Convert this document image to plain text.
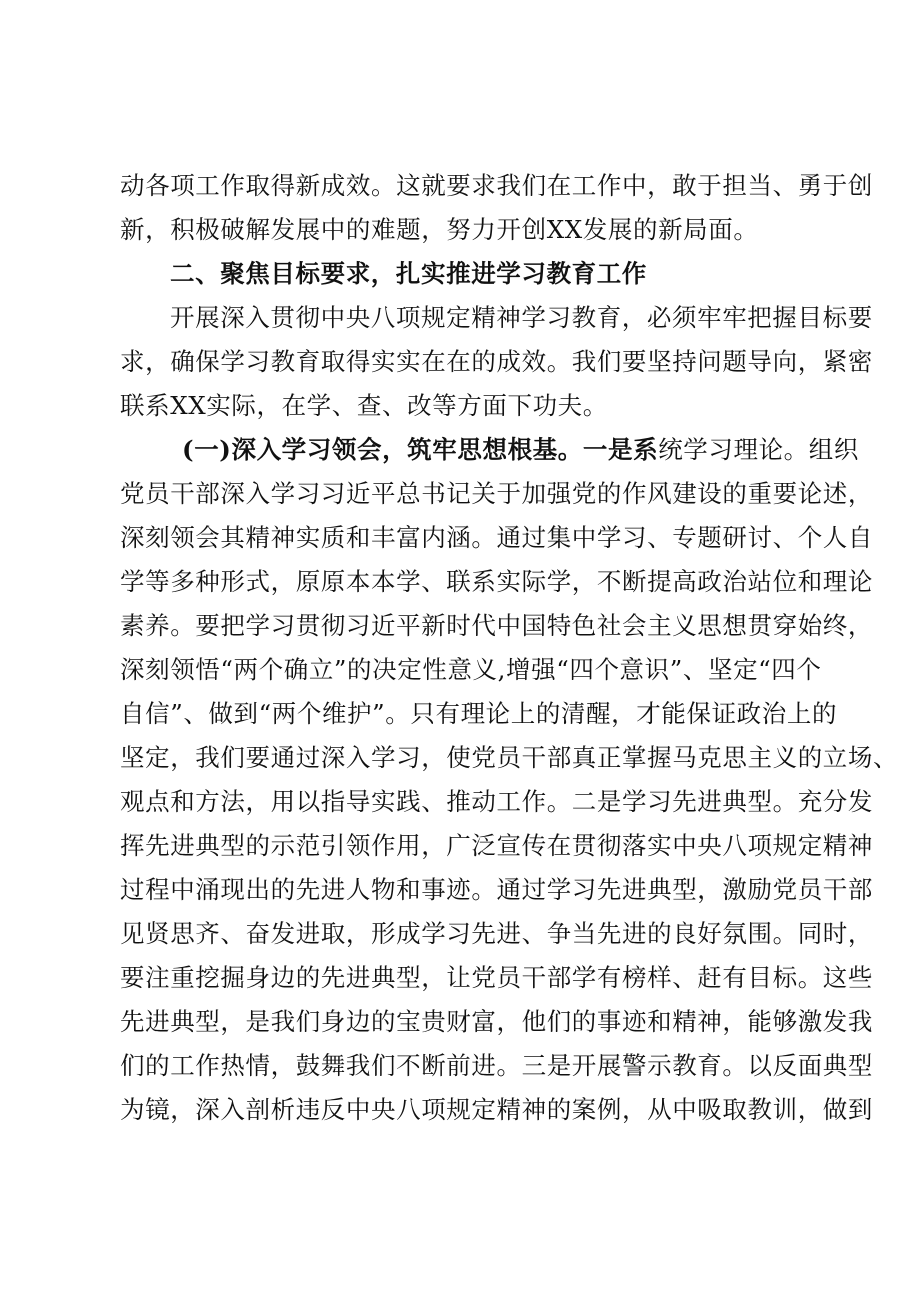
动各项工作取得新成效。这就要求我们在工作中，敢于担当、勇于创
新，积极破解发展中的难题，努力开创XX发展的新局面。
二、聚焦目标要求，扎实推进学习教育工作
开展深入贯彻中央八项规定精神学习教育，必须牢牢把握目标要
求，确保学习教育取得实实在在的成效。我们要坚持问题导向，紧密
联系XX实际，在学、查、改等方面下功夫。
(一)深入学习领会，筑牢思想根基。一是系统学习理论。组织
党员干部深入学习习近平总书记关于加强党的作风建设的重要论述，
深刻领会其精神实质和丰富内涵。通过集中学习、专题研讨、个人自
学等多种形式，原原本本学、联系实际学，不断提高政治站位和理论
素养。要把学习贯彻习近平新时代中国特色社会主义思想贯穿始终，
深刻领悟“两个确立”的决定性意义,增强“四个意识”、坚定“四个
自信”、做到“两个维护”。只有理论上的清醒，才能保证政治上的
坚定，我们要通过深入学习，使党员干部真正掌握马克思主义的立场、
观点和方法，用以指导实践、推动工作。二是学习先进典型。充分发
挥先进典型的示范引领作用，广泛宣传在贯彻落实中央八项规定精神
过程中涌现出的先进人物和事迹。通过学习先进典型，激励党员干部
见贤思齐、奋发进取，形成学习先进、争当先进的良好氛围。同时，
要注重挖掘身边的先进典型，让党员干部学有榜样、赶有目标。这些
先进典型，是我们身边的宝贵财富，他们的事迹和精神，能够激发我
们的工作热情，鼓舞我们不断前进。三是开展警示教育。以反面典型
为镜，深入剖析违反中央八项规定精神的案例，从中吸取教训，做到
